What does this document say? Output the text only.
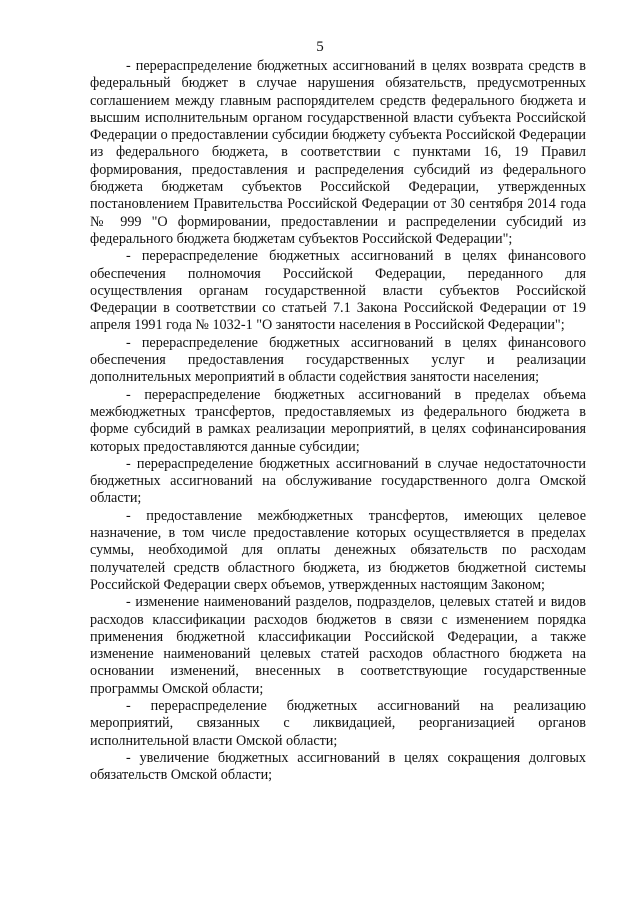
5

- перераспределение бюджетных ассигнований в целях возврата средств в федеральный бюджет в случае нарушения обязательств, предусмотренных соглашением между главным распорядителем средств федерального бюджета и высшим исполнительным органом государственной власти субъекта Российской Федерации о предоставлении субсидии бюджету субъекта Российской Федерации из федерального бюджета, в соответствии с пунктами 16, 19 Правил формирования, предоставления и распределения субсидий из федерального бюджета бюджетам субъектов Российской Федерации, утвержденных постановлением Правительства Российской Федерации от 30 сентября 2014 года № 999 "О формировании, предоставлении и распределении субсидий из федерального бюджета бюджетам субъектов Российской Федерации";

- перераспределение бюджетных ассигнований в целях финансового обеспечения полномочия Российской Федерации, переданного для осуществления органам государственной власти субъектов Российской Федерации в соответствии со статьей 7.1 Закона Российской Федерации от 19 апреля 1991 года № 1032-1 "О занятости населения в Российской Федерации";

- перераспределение бюджетных ассигнований в целях финансового обеспечения предоставления государственных услуг и реализации дополнительных мероприятий в области содействия занятости населения;

- перераспределение бюджетных ассигнований в пределах объема межбюджетных трансфертов, предоставляемых из федерального бюджета в форме субсидий в рамках реализации мероприятий, в целях софинансирования которых предоставляются данные субсидии;

- перераспределение бюджетных ассигнований в случае недостаточности бюджетных ассигнований на обслуживание государственного долга Омской области;

- предоставление межбюджетных трансфертов, имеющих целевое назначение, в том числе предоставление которых осуществляется в пределах суммы, необходимой для оплаты денежных обязательств по расходам получателей средств областного бюджета, из бюджетов бюджетной системы Российской Федерации сверх объемов, утвержденных настоящим Законом;

- изменение наименований разделов, подразделов, целевых статей и видов расходов классификации расходов бюджетов в связи с изменением порядка применения бюджетной классификации Российской Федерации, а также изменение наименований целевых статей расходов областного бюджета на основании изменений, внесенных в соответствующие государственные программы Омской области;

- перераспределение бюджетных ассигнований на реализацию мероприятий, связанных с ликвидацией, реорганизацией органов исполнительной власти Омской области;

- увеличение бюджетных ассигнований в целях сокращения долговых обязательств Омской области;
